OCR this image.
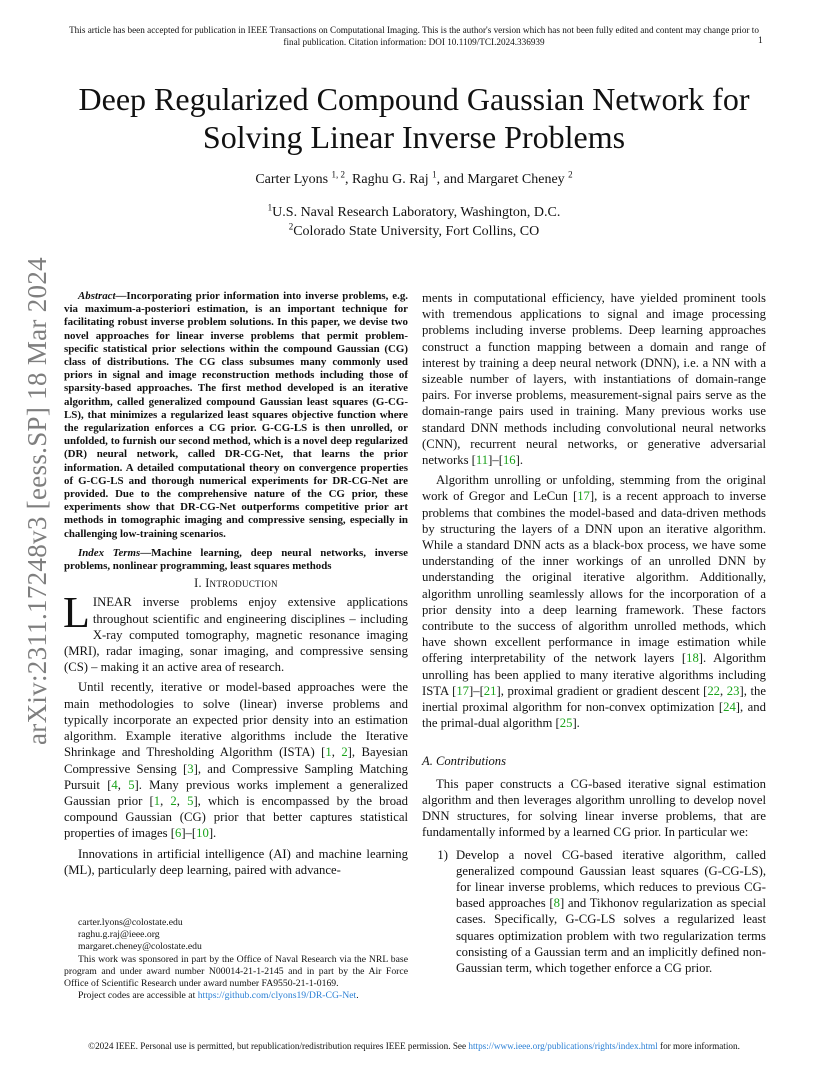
This article has been accepted for publication in IEEE Transactions on Computational Imaging. This is the author's version which has not been fully edited and content may change prior to final publication. Citation information: DOI 10.1109/TCI.2024.336939	1
arXiv:2311.17248v3 [eess.SP] 18 Mar 2024
Deep Regularized Compound Gaussian Network for Solving Linear Inverse Problems
Carter Lyons $^{1, 2}$, Raghu G. Raj $^1$, and Margaret Cheney $^2$
$^1$U.S. Naval Research Laboratory, Washington, D.C.
$^2$Colorado State University, Fort Collins, CO

Abstract—Incorporating prior information into inverse problems, e.g. via maximum-a-posteriori estimation, is an important technique for facilitating robust inverse problem solutions. In this paper, we devise two novel approaches for linear inverse problems that permit problem-specific statistical prior selections within the compound Gaussian (CG) class of distributions. The CG class subsumes many commonly used priors in signal and image reconstruction methods including those of sparsity-based approaches. The first method developed is an iterative algorithm, called generalized compound Gaussian least squares (G-CG-LS), that minimizes a regularized least squares objective function where the regularization enforces a CG prior. G-CG-LS is then unrolled, or unfolded, to furnish our second method, which is a novel deep regularized (DR) neural network, called DR-CG-Net, that learns the prior information. A detailed computational theory on convergence properties of G-CG-LS and thorough numerical experiments for DR-CG-Net are provided. Due to the comprehensive nature of the CG prior, these experiments show that DR-CG-Net outperforms competitive prior art methods in tomographic imaging and compressive sensing, especially in challenging low-training scenarios.

Index Terms—Machine learning, deep neural networks, inverse problems, nonlinear programming, least squares methods

I. Introduction

LINEAR inverse problems enjoy extensive applications throughout scientific and engineering disciplines – including X-ray computed tomography, magnetic resonance imaging (MRI), radar imaging, sonar imaging, and compressive sensing (CS) – making it an active area of research.

Until recently, iterative or model-based approaches were the main methodologies to solve (linear) inverse problems and typically incorporate an expected prior density into an estimation algorithm. Example iterative algorithms include the Iterative Shrinkage and Thresholding Algorithm (ISTA) [1, 2], Bayesian Compressive Sensing [3], and Compressive Sampling Matching Pursuit [4, 5]. Many previous works implement a generalized Gaussian prior [1, 2, 5], which is encompassed by the broad compound Gaussian (CG) prior that better captures statistical properties of images [6]–[10].

Innovations in artificial intelligence (AI) and machine learning (ML), particularly deep learning, paired with advance-

carter.lyons@colostate.edu
raghu.g.raj@ieee.org
margaret.cheney@colostate.edu
This work was sponsored in part by the Office of Naval Research via the NRL base program and under award number N00014-21-1-2145 and in part by the Air Force Office of Scientific Research under award number FA9550-21-1-0169.
Project codes are accessible at https://github.com/clyons19/DR-CG-Net.

ments in computational efficiency, have yielded prominent tools with tremendous applications to signal and image processing problems including inverse problems. Deep learning approaches construct a function mapping between a domain and range of interest by training a deep neural network (DNN), i.e. a NN with a sizeable number of layers, with instantiations of domain-range pairs. For inverse problems, measurement-signal pairs serve as the domain-range pairs used in training. Many previous works use standard DNN methods including convolutional neural networks (CNN), recurrent neural networks, or generative adversarial networks [11]–[16].

Algorithm unrolling or unfolding, stemming from the original work of Gregor and LeCun [17], is a recent approach to inverse problems that combines the model-based and data-driven methods by structuring the layers of a DNN upon an iterative algorithm. While a standard DNN acts as a black-box process, we have some understanding of the inner workings of an unrolled DNN by understanding the original iterative algorithm. Additionally, algorithm unrolling seamlessly allows for the incorporation of a prior density into a deep learning framework. These factors contribute to the success of algorithm unrolled methods, which have shown excellent performance in image estimation while offering interpretability of the network layers [18]. Algorithm unrolling has been applied to many iterative algorithms including ISTA [17]–[21], proximal gradient or gradient descent [22, 23], the inertial proximal algorithm for non-convex optimization [24], and the primal-dual algorithm [25].

A. Contributions

This paper constructs a CG-based iterative signal estimation algorithm and then leverages algorithm unrolling to develop novel DNN structures, for solving linear inverse problems, that are fundamentally informed by a learned CG prior. In particular we:

1) Develop a novel CG-based iterative algorithm, called generalized compound Gaussian least squares (G-CG-LS), for linear inverse problems, which reduces to previous CG-based approaches [8] and Tikhonov regularization as special cases. Specifically, G-CG-LS solves a regularized least squares optimization problem with two regularization terms consisting of a Gaussian term and an implicitly defined non-Gaussian term, which together enforce a CG prior.
©2024 IEEE. Personal use is permitted, but republication/redistribution requires IEEE permission. See https://www.ieee.org/publications/rights/index.html for more information.
